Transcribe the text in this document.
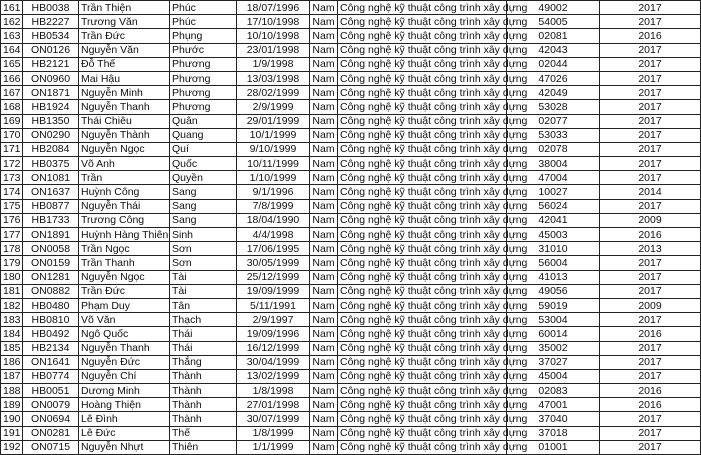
161	HB0038	Trần Thiện	Phúc	18/07/1996	Nam	Công nghệ kỹ thuật công trình xây dựng	49002	2017
162	HB2227	Trương Văn	Phúc	17/10/1998	Nam	Công nghệ kỹ thuật công trình xây dựng	54005	2017
163	HB0534	Trần Đức	Phụng	10/10/1998	Nam	Công nghệ kỹ thuật công trình xây dựng	02081	2016
164	ON0126	Nguyễn Văn	Phước	23/01/1998	Nam	Công nghệ kỹ thuật công trình xây dựng	42043	2017
165	HB2121	Đỗ Thế	Phương	1/9/1998	Nam	Công nghệ kỹ thuật công trình xây dựng	02044	2017
166	ON0960	Mai Hậu	Phương	13/03/1998	Nam	Công nghệ kỹ thuật công trình xây dựng	47026	2017
167	ON1871	Nguyễn Minh	Phương	28/02/1999	Nam	Công nghệ kỹ thuật công trình xây dựng	42049	2017
168	HB1924	Nguyễn Thanh	Phương	2/9/1999	Nam	Công nghệ kỹ thuật công trình xây dựng	53028	2017
169	HB1350	Thái Chiêu	Quân	29/01/1999	Nam	Công nghệ kỹ thuật công trình xây dựng	02077	2017
170	ON0290	Nguyễn Thành	Quang	10/1/1999	Nam	Công nghệ kỹ thuật công trình xây dựng	53033	2017
171	HB2084	Nguyễn Ngọc	Quí	9/10/1999	Nam	Công nghệ kỹ thuật công trình xây dựng	02078	2017
172	HB0375	Võ Anh	Quốc	10/11/1999	Nam	Công nghệ kỹ thuật công trình xây dựng	38004	2017
173	ON1081	Trần	Quyền	1/10/1999	Nam	Công nghệ kỹ thuật công trình xây dựng	47004	2017
174	ON1637	Huỳnh Công	Sang	9/1/1996	Nam	Công nghệ kỹ thuật công trình xây dựng	10027	2014
175	HB0877	Nguyễn Thái	Sang	7/8/1999	Nam	Công nghệ kỹ thuật công trình xây dựng	56024	2017
176	HB1733	Trương Công	Sang	18/04/1990	Nam	Công nghệ kỹ thuật công trình xây dựng	42041	2009
177	ON1891	Huỳnh Hàng Thiên	Sinh	4/4/1998	Nam	Công nghệ kỹ thuật công trình xây dựng	45003	2016
178	ON0058	Trần Ngọc	Sơn	17/06/1995	Nam	Công nghệ kỹ thuật công trình xây dựng	31010	2013
179	ON0159	Trần Thanh	Sơn	30/05/1999	Nam	Công nghệ kỹ thuật công trình xây dựng	56004	2017
180	ON1281	Nguyễn Ngọc	Tài	25/12/1999	Nam	Công nghệ kỹ thuật công trình xây dựng	41013	2017
181	ON0882	Trần Đức	Tài	19/09/1999	Nam	Công nghệ kỹ thuật công trình xây dựng	49056	2017
182	HB0480	Phạm Duy	Tân	5/11/1991	Nam	Công nghệ kỹ thuật công trình xây dựng	59019	2009
183	HB0810	Võ Văn	Thạch	2/9/1997	Nam	Công nghệ kỹ thuật công trình xây dựng	53004	2017
184	HB0492	Ngô Quốc	Thái	19/09/1996	Nam	Công nghệ kỹ thuật công trình xây dựng	60014	2016
185	HB2134	Nguyễn Thanh	Thái	16/12/1999	Nam	Công nghệ kỹ thuật công trình xây dựng	35002	2017
186	ON1641	Nguyễn Đức	Thắng	30/04/1999	Nam	Công nghệ kỹ thuật công trình xây dựng	37027	2017
187	HB0774	Nguyễn Chí	Thành	13/02/1999	Nam	Công nghệ kỹ thuật công trình xây dựng	45004	2017
188	HB0051	Dương Minh	Thành	1/8/1998	Nam	Công nghệ kỹ thuật công trình xây dựng	02083	2016
189	ON0079	Hoàng Thiện	Thành	27/01/1998	Nam	Công nghệ kỹ thuật công trình xây dựng	47001	2016
190	ON0694	Lê Đình	Thành	30/07/1999	Nam	Công nghệ kỹ thuật công trình xây dựng	37040	2017
191	ON0281	Lê Đức	Thế	1/8/1999	Nam	Công nghệ kỹ thuật công trình xây dựng	37018	2017
192	ON0715	Nguyễn Nhựt	Thiên	1/1/1999	Nam	Công nghệ kỹ thuật công trình xây dựng	01001	2017
